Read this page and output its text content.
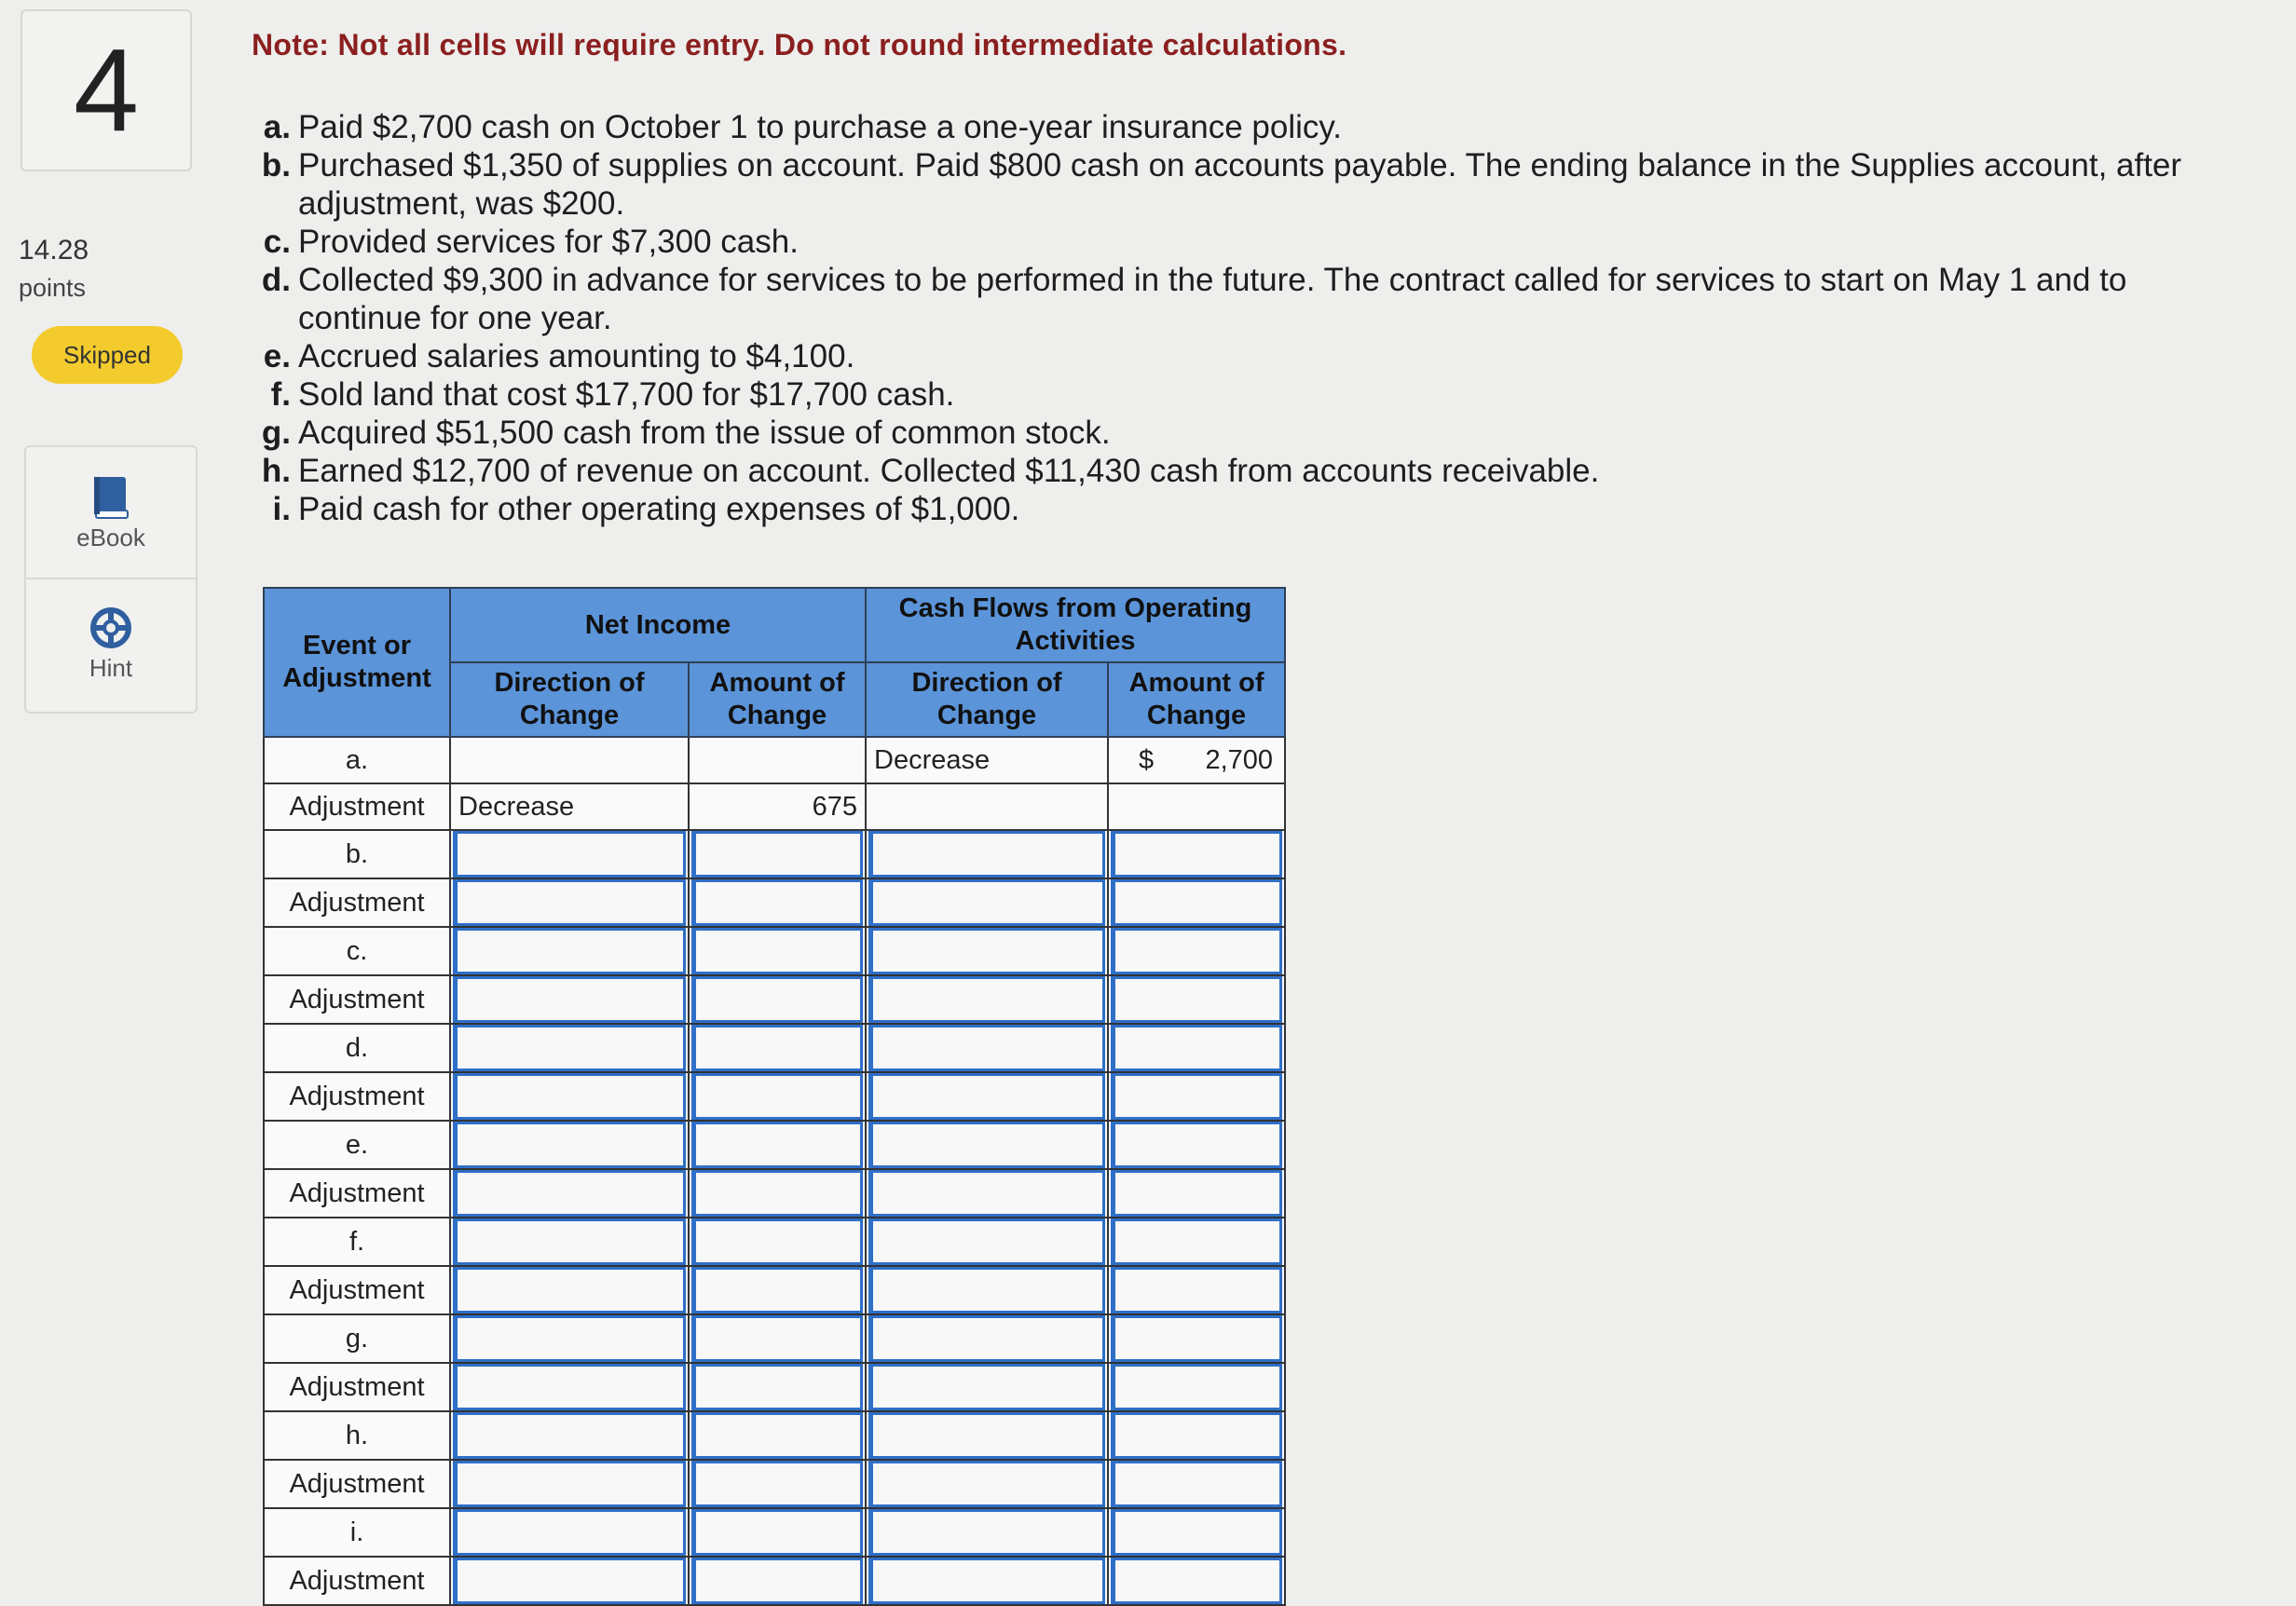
4
14.28
points
Skipped
eBook
Hint
Note: Not all cells will require entry. Do not round intermediate calculations.
a. Paid $2,700 cash on October 1 to purchase a one-year insurance policy.
b. Purchased $1,350 of supplies on account. Paid $800 cash on accounts payable. The ending balance in the Supplies account, after adjustment, was $200.
c. Provided services for $7,300 cash.
d. Collected $9,300 in advance for services to be performed in the future. The contract called for services to start on May 1 and to continue for one year.
e. Accrued salaries amounting to $4,100.
f. Sold land that cost $17,700 for $17,700 cash.
g. Acquired $51,500 cash from the issue of common stock.
h. Earned $12,700 of revenue on account. Collected $11,430 cash from accounts receivable.
i. Paid cash for other operating expenses of $1,000.
Event or Adjustment	Net Income		Cash Flows from Operating Activities	
	Direction of Change	Amount of Change	Direction of Change	Amount of Change
a.			Decrease	$ 2,700

Adjustment	Decrease	675		
b.	

Adjustment	

c.	

Adjustment	

d.	

Adjustment	

e.	

Adjustment	

f.	

Adjustment	

g.	

Adjustment	

h.	

Adjustment	

i.	

Adjustment	
